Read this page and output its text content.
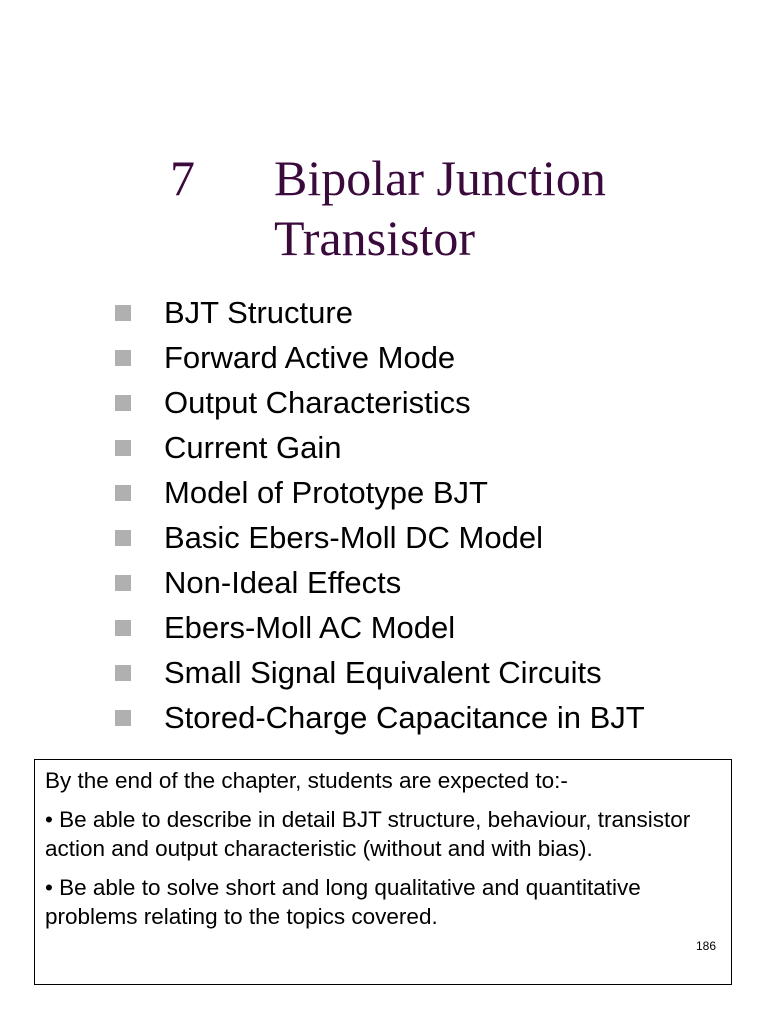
7	Bipolar Junction
Transistor
BJT Structure
Forward Active Mode
Output Characteristics
Current Gain
Model of Prototype BJT
Basic Ebers-Moll DC Model
Non-Ideal Effects
Ebers-Moll AC Model
Small Signal Equivalent Circuits
Stored-Charge Capacitance in BJT

By the end of the chapter, students are expected to:-

• Be able to describe in detail BJT structure, behaviour, transistor action and output characteristic (without and with bias).

• Be able to solve short and long qualitative and quantitative problems relating to the topics covered.

186
